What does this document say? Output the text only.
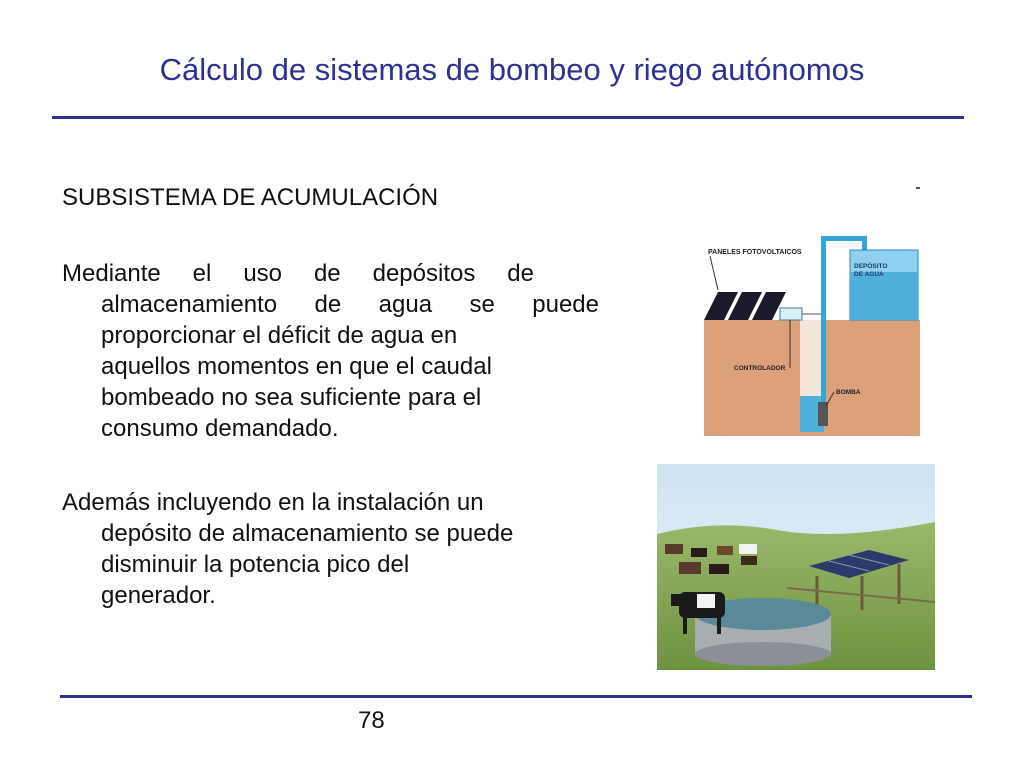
Cálculo de sistemas de bombeo y riego autónomos
SUBSISTEMA DE ACUMULACIÓN
Mediante el uso de depósitos de
almacenamiento de agua se puede
proporcionar el déficit de agua en
aquellos momentos en que el caudal
bombeado no sea suficiente para el
consumo demandado.
Además incluyendo en la instalación un
depósito de almacenamiento se puede
disminuir la potencia pico del
generador.
PANELES FOTOVOLTAICOS
DEPÓSITO
DE AGUA
CONTROLADOR
BOMBA
78
